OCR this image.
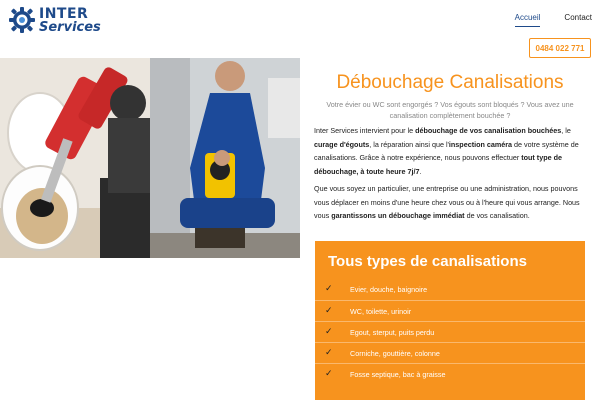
INTER
Services
Accueil	Contact
0484 022 771
Débouchage Canalisations

Votre évier ou WC sont engorgés ? Vos égouts sont bloqués ? Vous avez une canalisation complètement bouchée ?

Inter Services intervient pour le débouchage de vos canalisation bouchées, le curage d'égouts, la réparation ainsi que l'inspection caméra de votre système de canalisations. Grâce à notre expérience, nous pouvons effectuer tout type de débouchage, à toute heure 7j/7.

Que vous soyez un particulier, une entreprise ou une administration, nous pouvons vous déplacer en moins d'une heure chez vous ou à l'heure qui vous arrange. Nous vous garantissons un débouchage immédiat de vos canalisation.

Tous types de canalisations
✓ Evier, douche, baignoire
✓ WC, toilette, urinoir
✓ Egout, sterput, puits perdu
✓ Corniche, gouttière, colonne
✓ Fosse septique, bac à graisse
